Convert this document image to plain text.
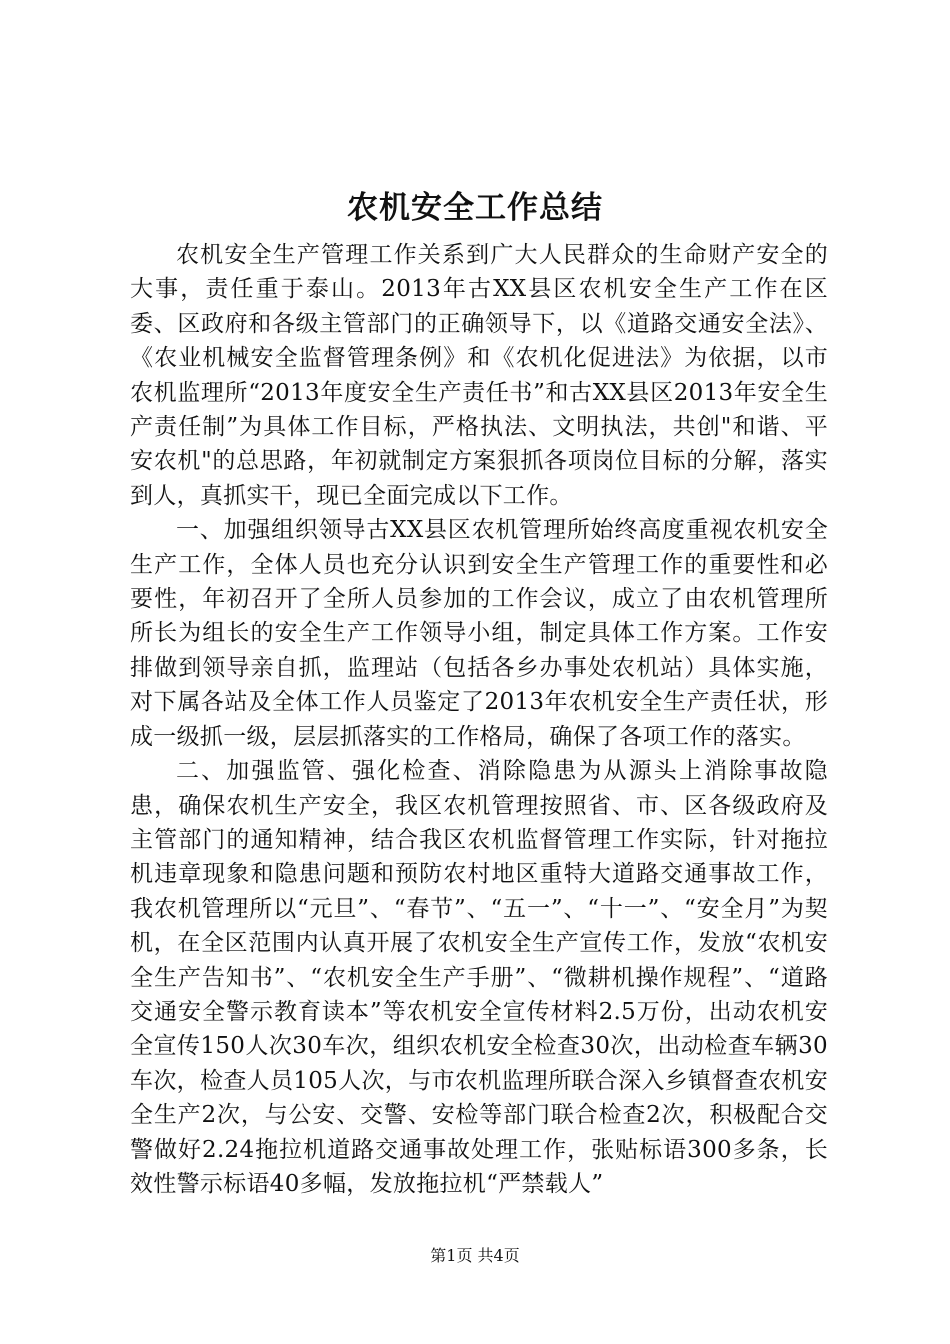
农机安全工作总结

农机安全生产管理工作关系到广大人民群众的生命财产安全的大事，责任重于泰山。2013年古XX县区农机安全生产工作在区委、区政府和各级主管部门的正确领导下，以《道路交通安全法》、《农业机械安全监督管理条例》和《农机化促进法》为依据，以市农机监理所“2013年度安全生产责任书”和古XX县区2013年安全生产责任制”为具体工作目标，严格执法、文明执法，共创"和谐、平安农机"的总思路，年初就制定方案狠抓各项岗位目标的分解，落实到人，真抓实干，现已全面完成以下工作。

一、加强组织领导古XX县区农机管理所始终高度重视农机安全生产工作，全体人员也充分认识到安全生产管理工作的重要性和必要性，年初召开了全所人员参加的工作会议，成立了由农机管理所所长为组长的安全生产工作领导小组，制定具体工作方案。工作安排做到领导亲自抓，监理站（包括各乡办事处农机站）具体实施，对下属各站及全体工作人员鉴定了2013年农机安全生产责任状，形成一级抓一级，层层抓落实的工作格局，确保了各项工作的落实。

二、加强监管、强化检查、消除隐患为从源头上消除事故隐患，确保农机生产安全，我区农机管理按照省、市、区各级政府及主管部门的通知精神，结合我区农机监督管理工作实际，针对拖拉机违章现象和隐患问题和预防农村地区重特大道路交通事故工作，我农机管理所以“元旦”、“春节”、“五一”、“十一”、“安全月”为契机，在全区范围内认真开展了农机安全生产宣传工作，发放“农机安全生产告知书”、“农机安全生产手册”、“微耕机操作规程”、“道路交通安全警示教育读本”等农机安全宣传材料2.5万份，出动农机安全宣传150人次30车次，组织农机安全检查30次，出动检查车辆30车次，检查人员105人次，与市农机监理所联合深入乡镇督查农机安全生产2次，与公安、交警、安检等部门联合检查2次，积极配合交警做好2.24拖拉机道路交通事故处理工作，张贴标语300多条，长效性警示标语40多幅，发放拖拉机“严禁载人”

第1页 共4页
